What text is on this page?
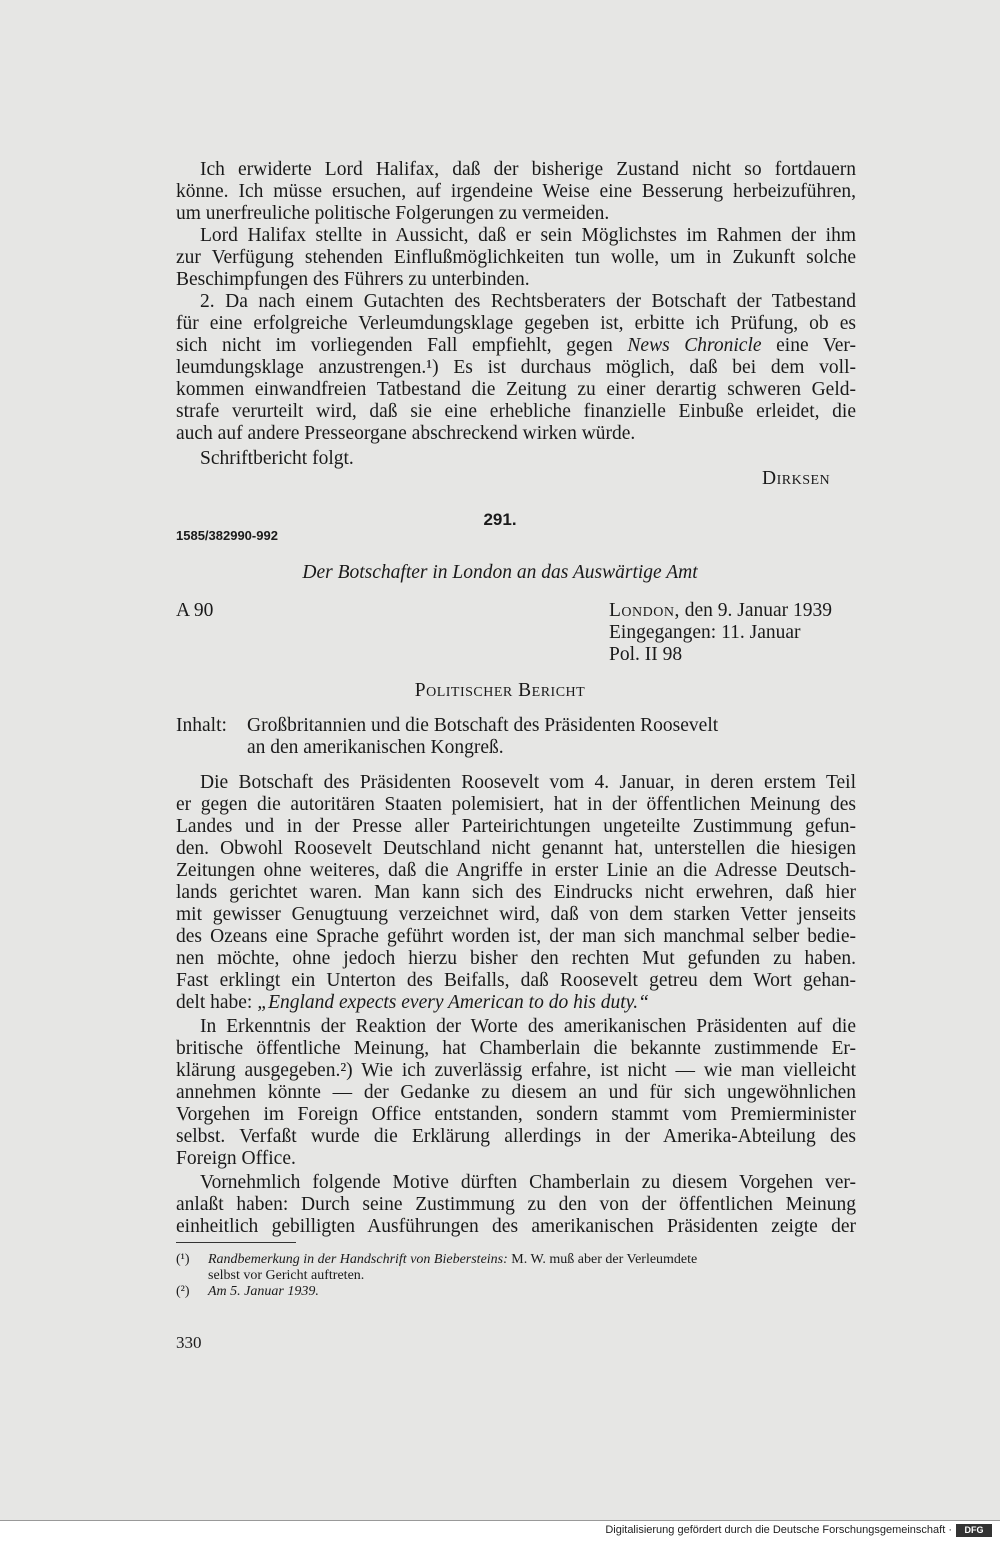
Ich erwiderte Lord Halifax, daß der bisherige Zustand nicht so fortdauern
könne. Ich müsse ersuchen, auf irgendeine Weise eine Besserung herbeizuführen,
um unerfreuliche politische Folgerungen zu vermeiden.
Lord Halifax stellte in Aussicht, daß er sein Möglichstes im Rahmen der ihm
zur Verfügung stehenden Einflußmöglichkeiten tun wolle, um in Zukunft solche
Beschimpfungen des Führers zu unterbinden.
2. Da nach einem Gutachten des Rechtsberaters der Botschaft der Tatbestand
für eine erfolgreiche Verleumdungsklage gegeben ist, erbitte ich Prüfung, ob es
sich nicht im vorliegenden Fall empfiehlt, gegen News Chronicle eine Ver-
leumdungsklage anzustrengen.¹) Es ist durchaus möglich, daß bei dem voll-
kommen einwandfreien Tatbestand die Zeitung zu einer derartig schweren Geld-
strafe verurteilt wird, daß sie eine erhebliche finanzielle Einbuße erleidet, die
auch auf andere Presseorgane abschreckend wirken würde.
Schriftbericht folgt.
Dirksen
291.
1585/382990-992
Der Botschafter in London an das Auswärtige Amt
A 90	London, den 9. Januar 1939
Eingegangen: 11. Januar
Pol. II 98
Politischer Bericht
Inhalt: Großbritannien und die Botschaft des Präsidenten Roosevelt
an den amerikanischen Kongreß.
Die Botschaft des Präsidenten Roosevelt vom 4. Januar, in deren erstem Teil
er gegen die autoritären Staaten polemisiert, hat in der öffentlichen Meinung des
Landes und in der Presse aller Parteirichtungen ungeteilte Zustimmung gefun-
den. Obwohl Roosevelt Deutschland nicht genannt hat, unterstellen die hiesigen
Zeitungen ohne weiteres, daß die Angriffe in erster Linie an die Adresse Deutsch-
lands gerichtet waren. Man kann sich des Eindrucks nicht erwehren, daß hier
mit gewisser Genugtuung verzeichnet wird, daß von dem starken Vetter jenseits
des Ozeans eine Sprache geführt worden ist, der man sich manchmal selber bedie-
nen möchte, ohne jedoch hierzu bisher den rechten Mut gefunden zu haben.
Fast erklingt ein Unterton des Beifalls, daß Roosevelt getreu dem Wort gehan-
delt habe: „England expects every American to do his duty.“
In Erkenntnis der Reaktion der Worte des amerikanischen Präsidenten auf die
britische öffentliche Meinung, hat Chamberlain die bekannte zustimmende Er-
klärung ausgegeben.²) Wie ich zuverlässig erfahre, ist nicht — wie man vielleicht
annehmen könnte — der Gedanke zu diesem an und für sich ungewöhnlichen
Vorgehen im Foreign Office entstanden, sondern stammt vom Premierminister
selbst. Verfaßt wurde die Erklärung allerdings in der Amerika-Abteilung des
Foreign Office.
Vornehmlich folgende Motive dürften Chamberlain zu diesem Vorgehen ver-
anlaßt haben: Durch seine Zustimmung zu den von der öffentlichen Meinung
einheitlich gebilligten Ausführungen des amerikanischen Präsidenten zeigte der
(¹) Randbemerkung in der Handschrift von Biebersteins: M. W. muß aber der Verleumdete
selbst vor Gericht auftreten.
(²) Am 5. Januar 1939.
330
Digitalisierung gefördert durch die Deutsche Forschungsgemeinschaft ·	DFG
